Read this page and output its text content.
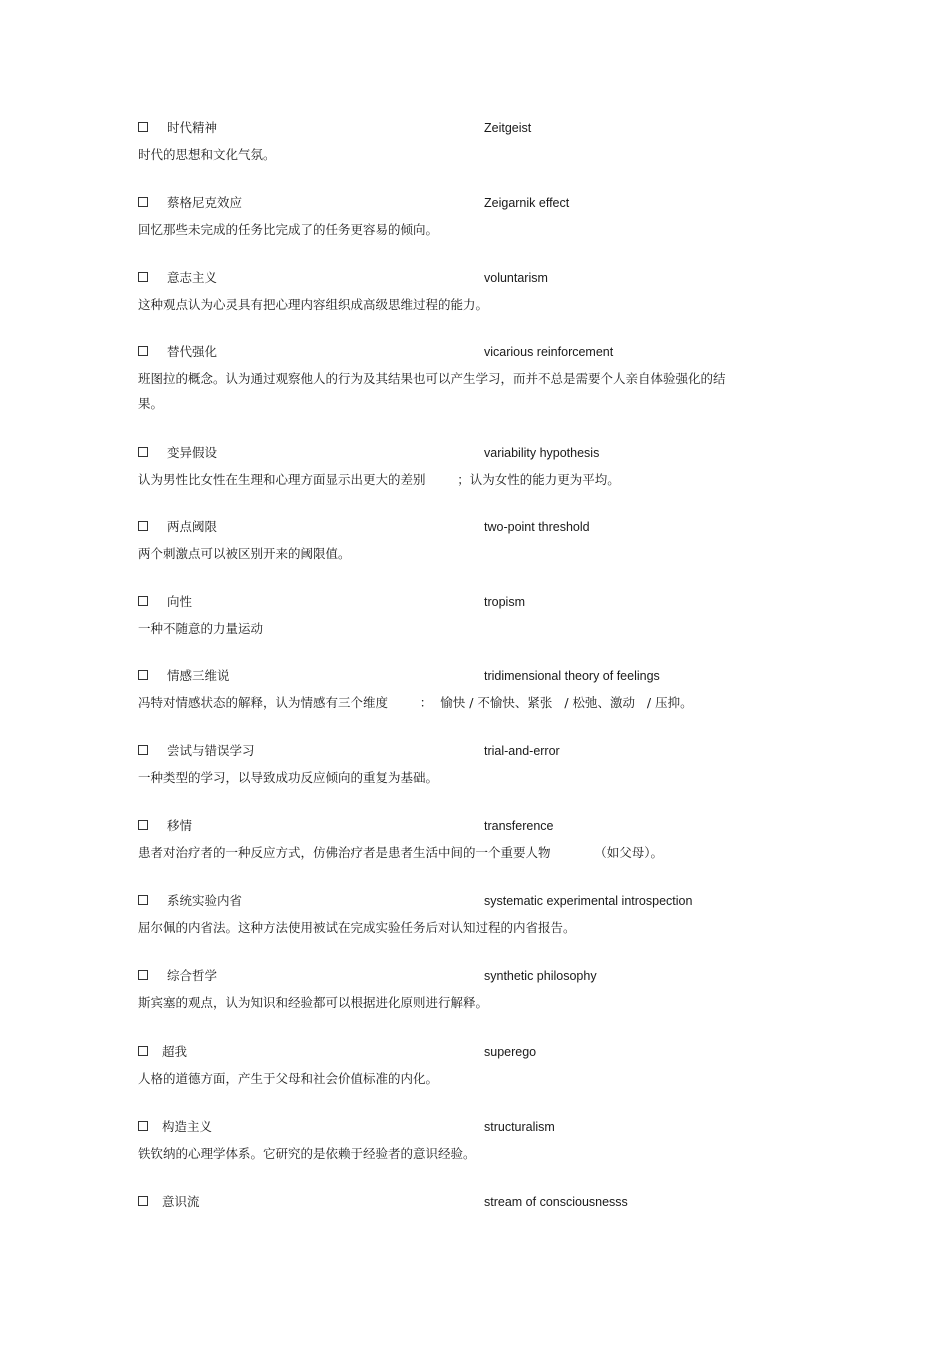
时代精神	Zeitgeist
时代的思想和文化气氛。
蔡格尼克效应	Zeigarnik effect
回忆那些未完成的任务比完成了的任务更容易的倾向。
意志主义	voluntarism
这种观点认为心灵具有把心理内容组织成高级思维过程的能力。
替代强化	vicarious reinforcement
班图拉的概念。认为通过观察他人的行为及其结果也可以产生学习，而并不总是需要个人亲自体验强化的结
果。
变异假设	variability hypothesis
认为男性比女性在生理和心理方面显示出更大的差别        ；认为女性的能力更为平均。
两点阈限	two-point threshold
两个刺激点可以被区别开来的阈限值。
向性	tropism
一种不随意的力量运动
情感三维说	tridimensional theory of feelings
冯特对情感状态的解释，认为情感有三个维度        ：  愉快 / 不愉快、紧张   / 松弛、激动   / 压抑。
尝试与错误学习	trial-and-error
一种类型的学习，以导致成功反应倾向的重复为基础。
移情	transference
患者对治疗者的一种反应方式，仿佛治疗者是患者生活中间的一个重要人物           （如父母）。
系统实验内省	systematic experimental introspection
屈尔佩的内省法。这种方法使用被试在完成实验任务后对认知过程的内省报告。
综合哲学	synthetic philosophy
斯宾塞的观点，认为知识和经验都可以根据进化原则进行解释。
超我	superego
人格的道德方面，产生于父母和社会价值标准的内化。
构造主义	structuralism
铁钦纳的心理学体系。它研究的是依赖于经验者的意识经验。
意识流	stream of consciousnesss
